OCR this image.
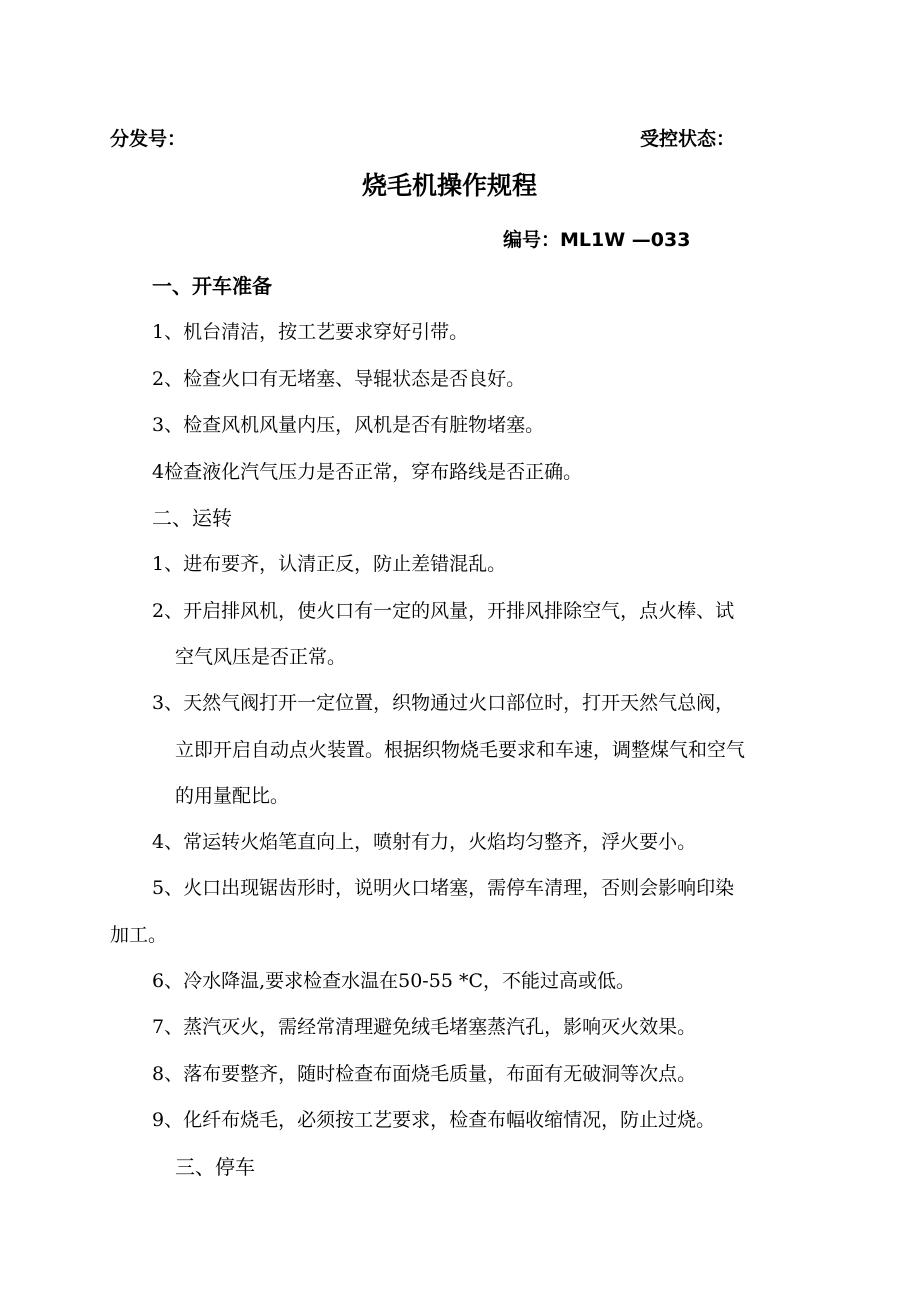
分发号：	受控状态：
烧毛机操作规程
编号：ML1W —033
一、开车准备
1、机台清洁，按工艺要求穿好引带。
2、检查火口有无堵塞、导辊状态是否良好。
3、检查风机风量内压，风机是否有脏物堵塞。
4检查液化汽气压力是否正常，穿布路线是否正确。
二、运转
1、进布要齐，认清正反，防止差错混乱。
2、开启排风机，使火口有一定的风量，开排风排除空气，点火棒、试
空气风压是否正常。
3、天然气阀打开一定位置，织物通过火口部位时，打开天然气总阀，
立即开启自动点火装置。根据织物烧毛要求和车速，调整煤气和空气
的用量配比。
4、常运转火焰笔直向上，喷射有力，火焰均匀整齐，浮火要小。
5、火口出现锯齿形时，说明火口堵塞，需停车清理，否则会影响印染
加工。
6、冷水降温,要求检查水温在50-55 *C，不能过高或低。
7、蒸汽灭火，需经常清理避免绒毛堵塞蒸汽孔，影响灭火效果。
8、落布要整齐，随时检查布面烧毛质量，布面有无破洞等次点。
9、化纤布烧毛，必须按工艺要求，检查布幅收缩情况，防止过烧。
三、停车
